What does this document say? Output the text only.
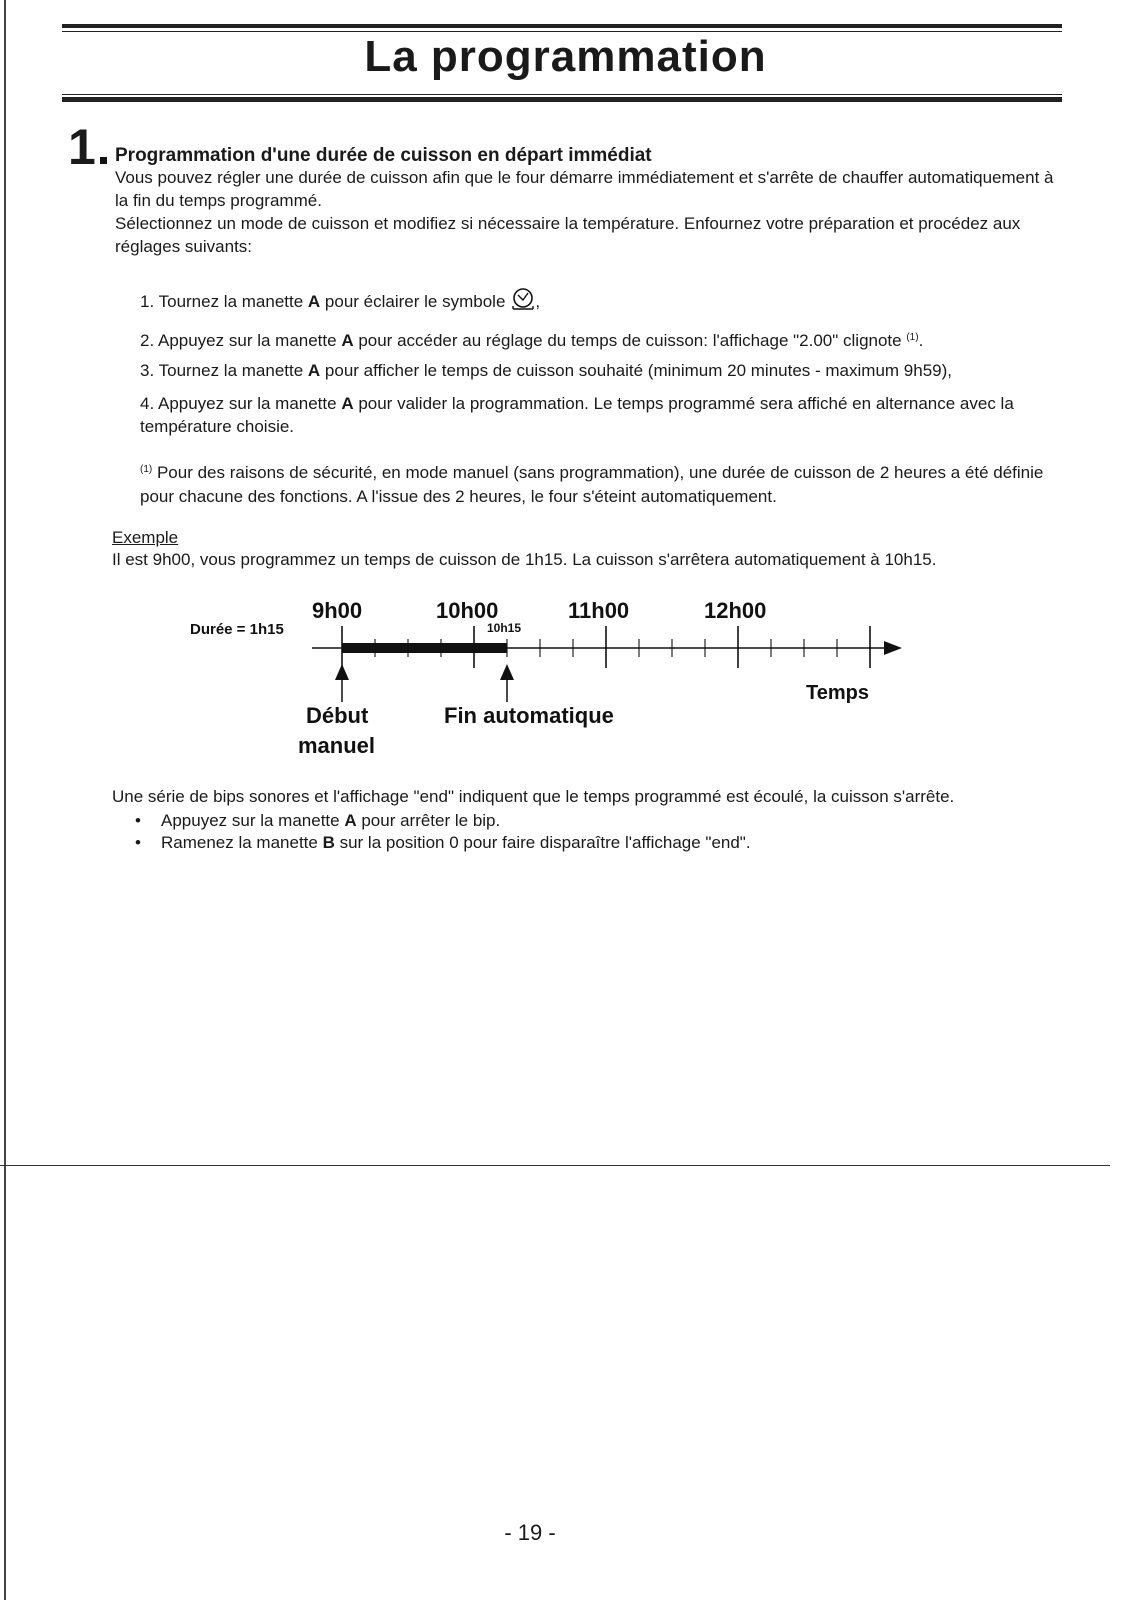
La programmation
1 Programmation d'une durée de cuisson en départ immédiat

Vous pouvez régler une durée de cuisson afin que le four démarre immédiatement et s'arrête de chauffer automatiquement à la fin du temps programmé.

Sélectionnez un mode de cuisson et modifiez si nécessaire la température. Enfournez votre préparation et procédez aux réglages suivants:

1. Tournez la manette A pour éclairer le symbole ,

2. Appuyez sur la manette A pour accéder au réglage du temps de cuisson: l'affichage "2.00" clignote $^{(1)}$.

3. Tournez la manette A pour afficher le temps de cuisson souhaité (minimum 20 minutes - maximum 9h59),

4. Appuyez sur la manette A pour valider la programmation. Le temps programmé sera affiché en alternance avec la température choisie.

$^{(1)}$ Pour des raisons de sécurité, en mode manuel (sans programmation), une durée de cuisson de 2 heures a été définie pour chacune des fonctions. A l'issue des 2 heures, le four s'éteint automatiquement.

Exemple
Il est 9h00, vous programmez un temps de cuisson de 1h15. La cuisson s'arrêtera automatiquement à 10h15.
Durée = 1h15
9h00	10h00	11h00	12h00
10h15
Début
manuel
Fin automatique
Temps
Une série de bips sonores et l'affichage "end" indiquent que le temps programmé est écoulé, la cuisson s'arrête.
• Appuyez sur la manette A pour arrêter le bip.
• Ramenez la manette B sur la position 0 pour faire disparaître l'affichage "end".
- 19 -
